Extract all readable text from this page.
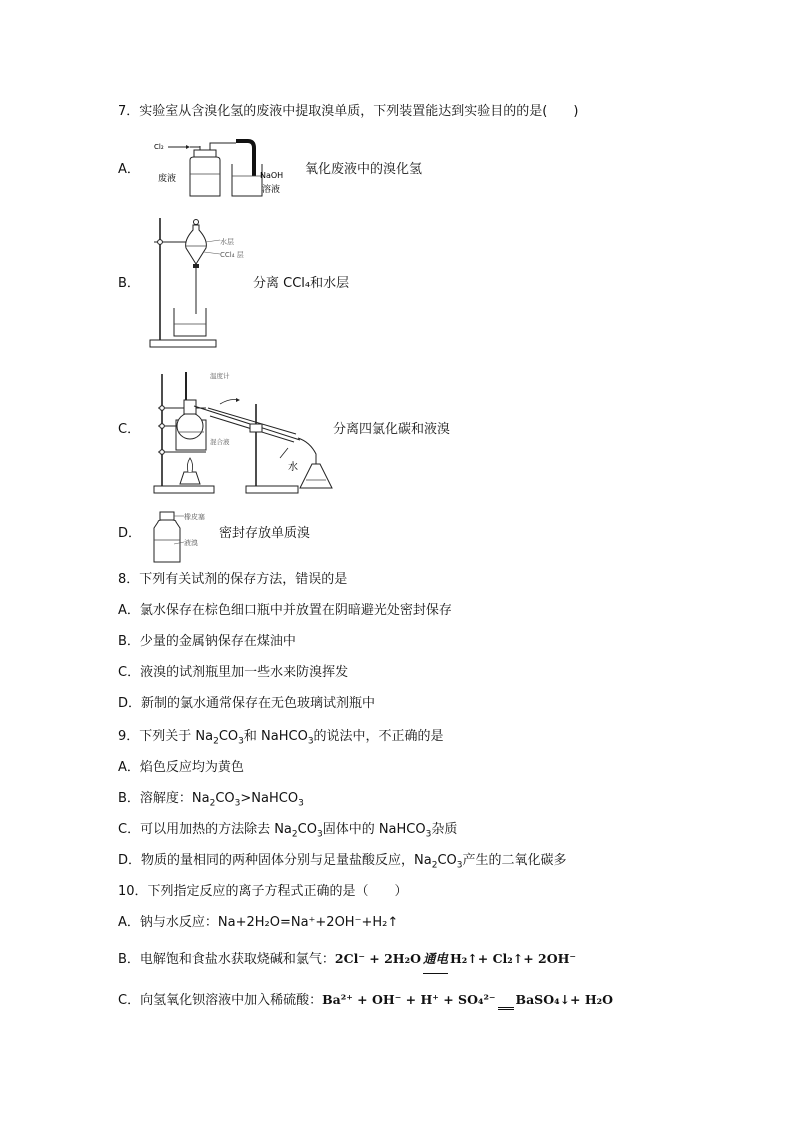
7．实验室从含溴化氢的废液中提取溴单质，下列装置能达到实验目的的是(　　)
A．
Cl₂
废液	NaOH
溶液
氧化废液中的溴化氢
B．
水层
CCl₄ 层
分离 CCl₄和水层
C．
水
温度计
混合液
分离四氯化碳和液溴
D．
橡皮塞
液溴
密封存放单质溴
8．下列有关试剂的保存方法，错误的是
A．氯水保存在棕色细口瓶中并放置在阴暗避光处密封保存
B．少量的金属钠保存在煤油中
C．液溴的试剂瓶里加一些水来防溴挥发
D．新制的氯水通常保存在无色玻璃试剂瓶中
9．下列关于 $Na_2CO_3$和 NaHCO$_3$的说法中，不正确的是
A．焰色反应均为黄色
B．溶解度：$Na_2CO_3>NaHCO_3$
C．可以用加热的方法除去 $Na_2CO_3$固体中的 NaHCO$_3$杂质
D．物质的量相同的两种固体分别与足量盐酸反应，$Na_2CO_3$产生的二氧化碳多
10．下列指定反应的离子方程式正确的是（　　）
A．钠与水反应：Na+2H₂O=Na⁺+2OH⁻+H₂↑
B．电解饱和食盐水获取烧碱和氯气：2Cl⁻ + 2H₂O 通电 H₂↑+ Cl₂↑+ 2OH⁻
C．向氢氧化钡溶液中加入稀硫酸：Ba²⁺ + OH⁻ + H⁺ + SO₄²⁻ BaSO₄↓+ H₂O
